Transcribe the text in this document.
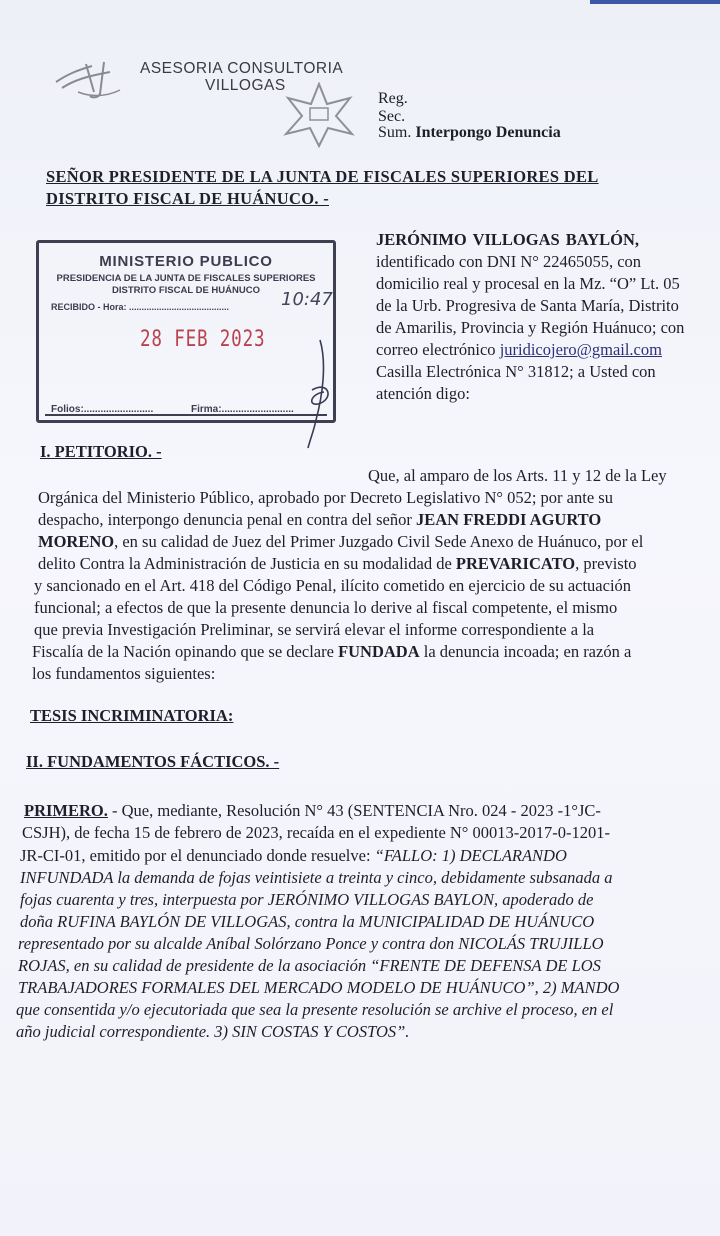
ASESORIA CONSULTORIA
VILLOGAS
Reg.
Sec.
Sum. Interpongo Denuncia
SEÑOR PRESIDENTE DE LA JUNTA DE FISCALES SUPERIORES DEL
DISTRITO FISCAL DE HUÁNUCO. -
MINISTERIO PUBLICO
PRESIDENCIA DE LA JUNTA DE FISCALES SUPERIORES
DISTRITO FISCAL DE HUÁNUCO
RECIBIDO - Hora: ........................................	10:47
28 FEB 2023
Folios:.........................	Firma:..........................
JERÓNIMO VILLOGAS BAYLÓN,
identificado con DNI N° 22465055, con
domicilio real y procesal en la Mz. “O” Lt. 05
de la Urb. Progresiva de Santa María, Distrito
de Amarilis, Provincia y Región Huánuco; con
correo electrónico juridicojero@gmail.com
Casilla Electrónica N° 31812; a Usted con
atención digo:
I. PETITORIO. -
Que, al amparo de los Arts. 11 y 12 de la Ley
Orgánica del Ministerio Público, aprobado por Decreto Legislativo N° 052; por ante su
despacho, interpongo denuncia penal en contra del señor JEAN FREDDI AGURTO
MORENO, en su calidad de Juez del Primer Juzgado Civil Sede Anexo de Huánuco, por el
delito Contra la Administración de Justicia en su modalidad de PREVARICATO, previsto
y sancionado en el Art. 418 del Código Penal, ilícito cometido en ejercicio de su actuación
funcional; a efectos de que la presente denuncia lo derive al fiscal competente, el mismo
que previa Investigación Preliminar, se servirá elevar el informe correspondiente a la
Fiscalía de la Nación opinando que se declare FUNDADA la denuncia incoada; en razón a
los fundamentos siguientes:
TESIS INCRIMINATORIA:
II. FUNDAMENTOS FÁCTICOS. -
PRIMERO. - Que, mediante, Resolución N° 43 (SENTENCIA Nro. 024 - 2023 -1°JC-
CSJH), de fecha 15 de febrero de 2023, recaída en el expediente N° 00013-2017-0-1201-
JR-CI-01, emitido por el denunciado donde resuelve: “FALLO: 1) DECLARANDO
INFUNDADA la demanda de fojas veintisiete a treinta y cinco, debidamente subsanada a
fojas cuarenta y tres, interpuesta por JERÓNIMO VILLOGAS BAYLON, apoderado de
doña RUFINA BAYLÓN DE VILLOGAS, contra la MUNICIPALIDAD DE HUÁNUCO
representado por su alcalde Aníbal Solórzano Ponce y contra don NICOLÁS TRUJILLO
ROJAS, en su calidad de presidente de la asociación “FRENTE DE DEFENSA DE LOS
TRABAJADORES FORMALES DEL MERCADO MODELO DE HUÁNUCO”, 2) MANDO
que consentida y/o ejecutoriada que sea la presente resolución se archive el proceso, en el
año judicial correspondiente. 3) SIN COSTAS Y COSTOS”.
